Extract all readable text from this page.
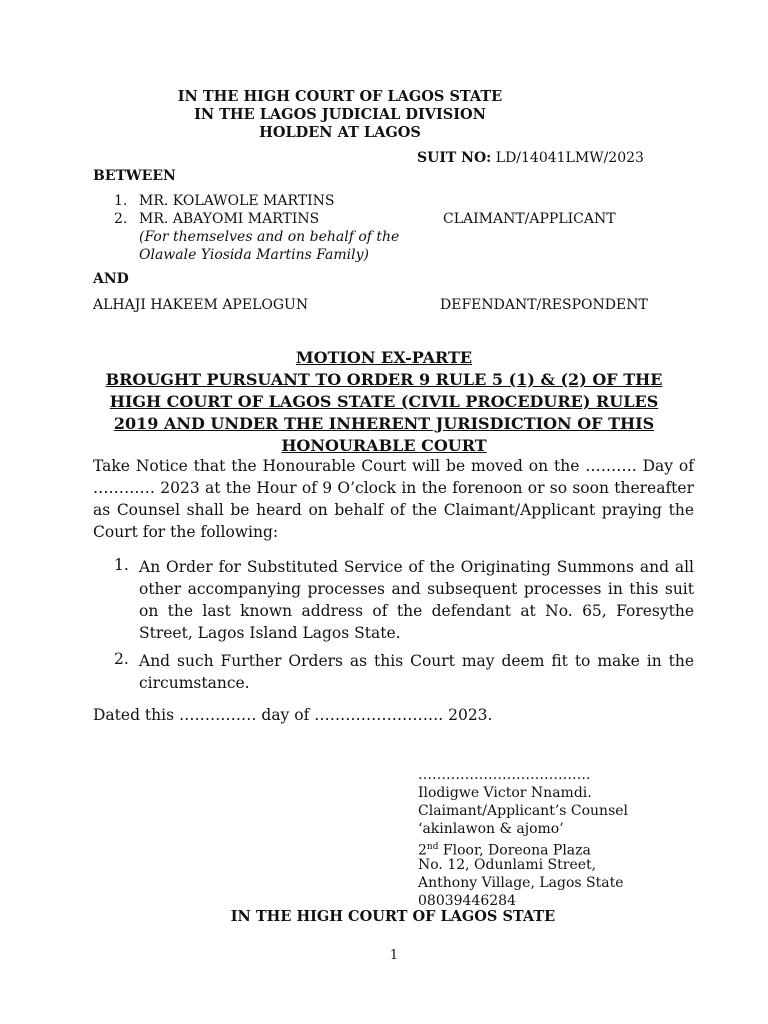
IN THE HIGH COURT OF LAGOS STATE
IN THE LAGOS JUDICIAL DIVISION
HOLDEN AT LAGOS
SUIT NO: LD/14041LMW/2023
BETWEEN
1. MR. KOLAWOLE MARTINS
2. MR. ABAYOMI MARTINS	CLAIMANT/APPLICANT
(For themselves and on behalf of the
Olawale Yiosida Martins Family)
AND
ALHAJI HAKEEM APELOGUN	DEFENDANT/RESPONDENT
MOTION EX-PARTE
BROUGHT PURSUANT TO ORDER 9 RULE 5 (1) & (2) OF THE HIGH COURT OF LAGOS STATE (CIVIL PROCEDURE) RULES 2019 AND UNDER THE INHERENT JURISDICTION OF THIS HONOURABLE COURT
Take Notice that the Honourable Court will be moved on the ………. Day of ………… 2023 at the Hour of 9 O’clock in the forenoon or so soon thereafter as Counsel shall be heard on behalf of the Claimant/Applicant praying the Court for the following:
1. An Order for Substituted Service of the Originating Summons and all other accompanying processes and subsequent processes in this suit on the last known address of the defendant at No. 65, Foresythe Street, Lagos Island Lagos State.
2. And such Further Orders as this Court may deem fit to make in the circumstance.
Dated this …………… day of ……………………. 2023.
……………………………….
Ilodigwe Victor Nnamdi.
Claimant/Applicant’s Counsel
‘akinlawon & ajomo’
2nd Floor, Doreona Plaza
No. 12, Odunlami Street,
Anthony Village, Lagos State
08039446284
IN THE HIGH COURT OF LAGOS STATE
1
